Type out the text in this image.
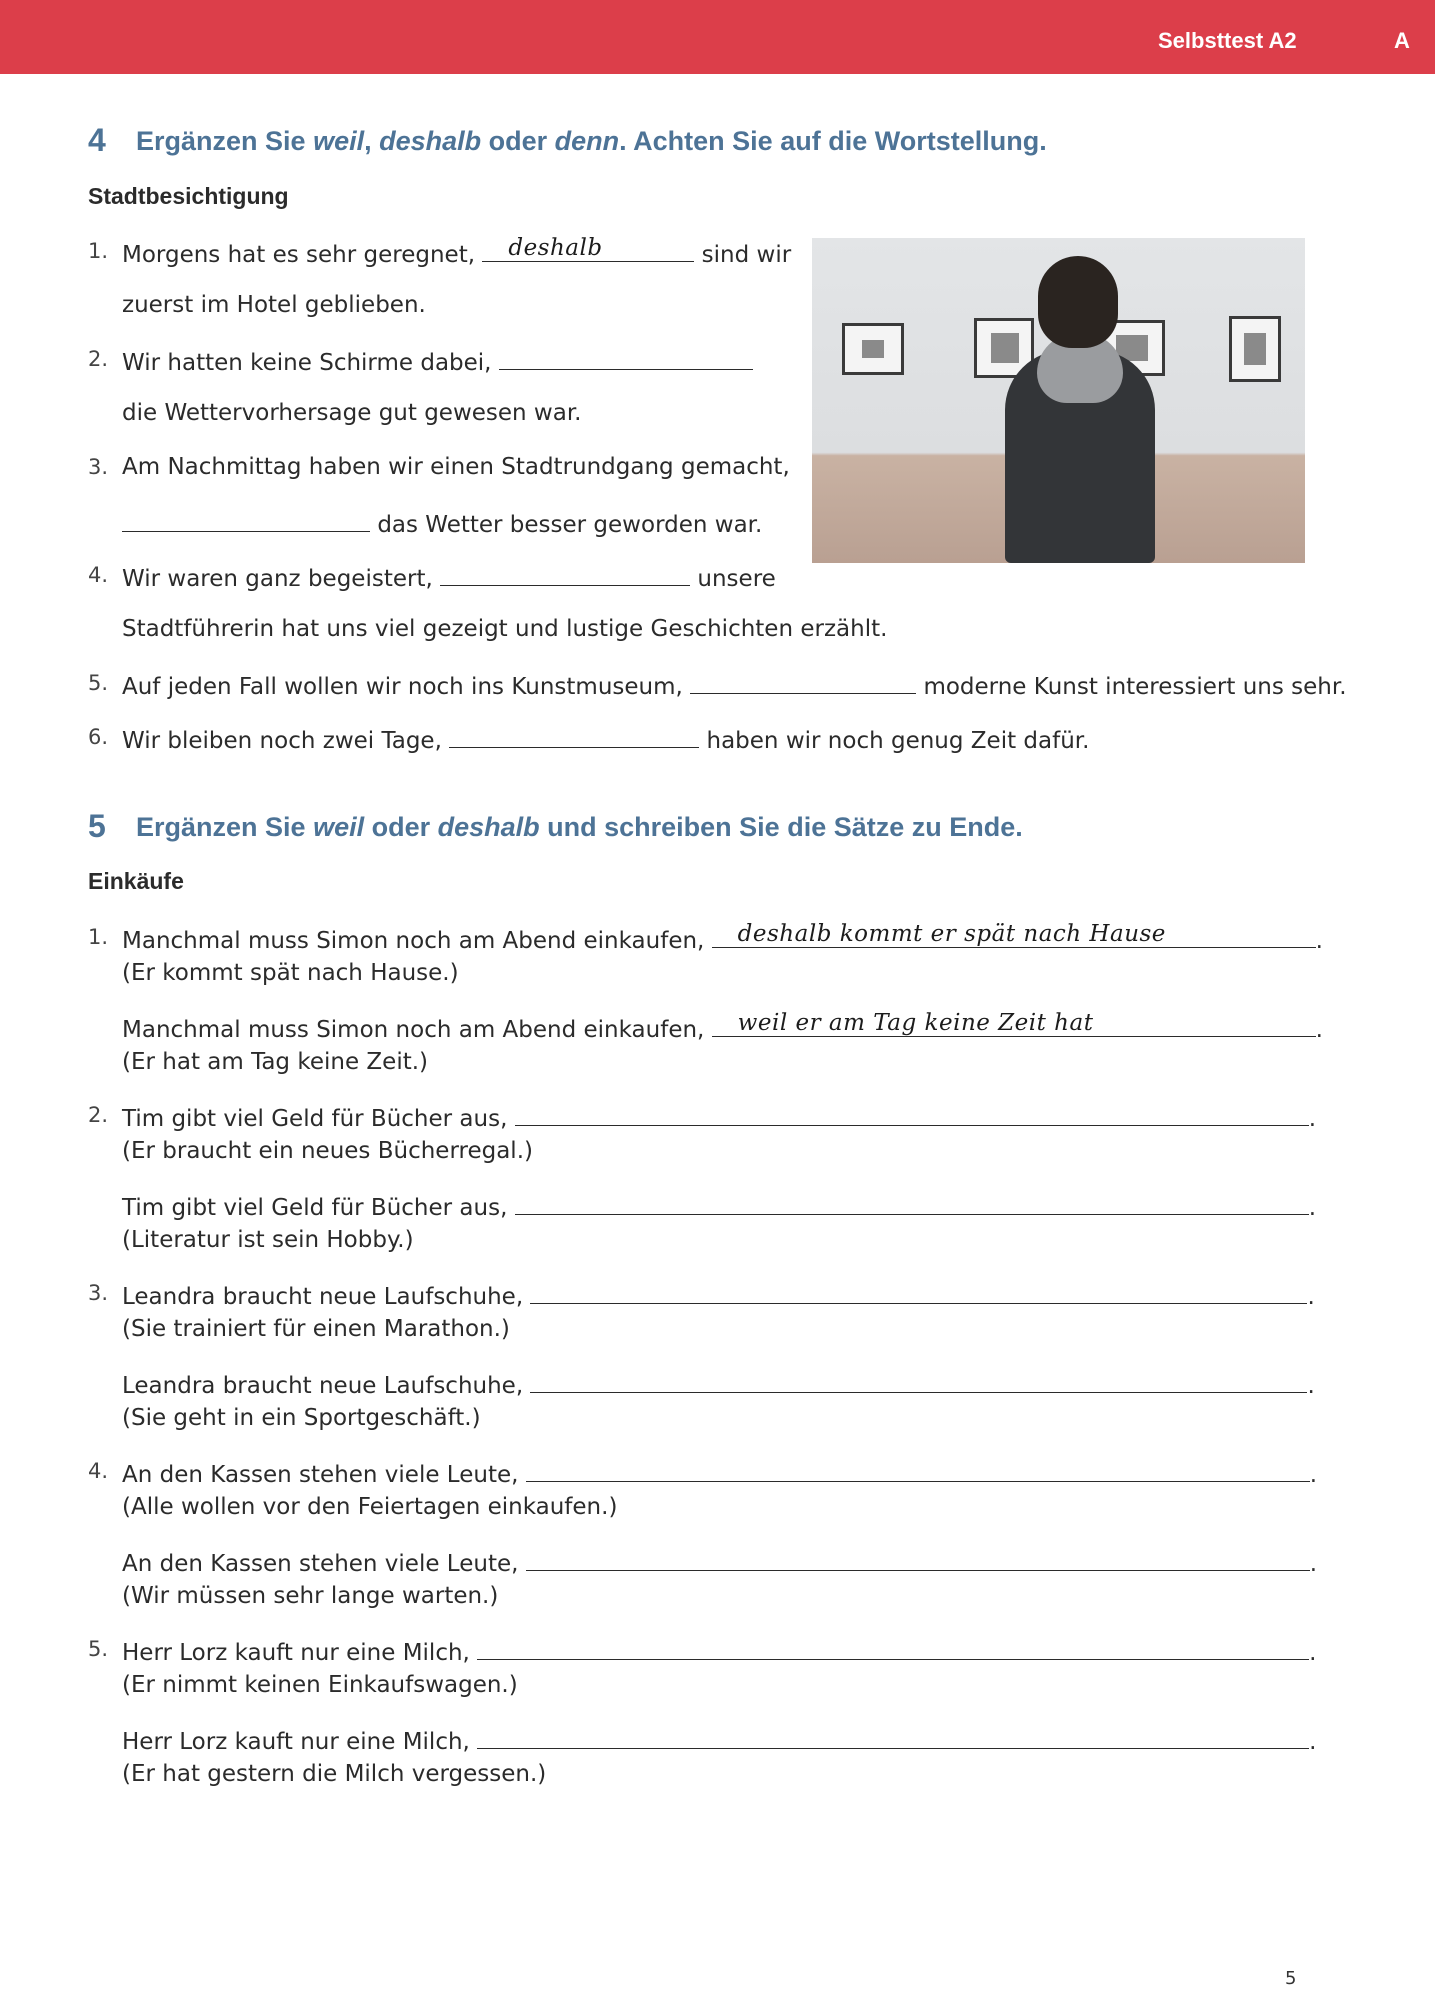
Selbsttest A2	A
4 Ergänzen Sie weil, deshalb oder denn. Achten Sie auf die Wortstellung.
Stadtbesichtigung
1. Morgens hat es sehr geregnet, deshalb	sind wir
zuerst im Hotel geblieben.
2. Wir hatten keine Schirme dabei,
die Wettervorhersage gut gewesen war.
3. Am Nachmittag haben wir einen Stadtrundgang gemacht,
das Wetter besser geworden war.
4. Wir waren ganz begeistert,	unsere
Stadtführerin hat uns viel gezeigt und lustige Geschichten erzählt.
5. Auf jeden Fall wollen wir noch ins Kunstmuseum,	moderne Kunst interessiert uns sehr.
6. Wir bleiben noch zwei Tage,	haben wir noch genug Zeit dafür.
5 Ergänzen Sie weil oder deshalb und schreiben Sie die Sätze zu Ende.
Einkäufe
1. Manchmal muss Simon noch am Abend einkaufen, deshalb kommt er spät nach Hause	.
(Er kommt spät nach Hause.)
Manchmal muss Simon noch am Abend einkaufen, weil er am Tag keine Zeit hat	.
(Er hat am Tag keine Zeit.)
2. Tim gibt viel Geld für Bücher aus,	.
(Er braucht ein neues Bücherregal.)
Tim gibt viel Geld für Bücher aus,	.
(Literatur ist sein Hobby.)
3. Leandra braucht neue Laufschuhe,	.
(Sie trainiert für einen Marathon.)
Leandra braucht neue Laufschuhe,	.
(Sie geht in ein Sportgeschäft.)
4. An den Kassen stehen viele Leute,	.
(Alle wollen vor den Feiertagen einkaufen.)
An den Kassen stehen viele Leute,	.
(Wir müssen sehr lange warten.)
5. Herr Lorz kauft nur eine Milch,	.
(Er nimmt keinen Einkaufswagen.)
Herr Lorz kauft nur eine Milch,	.
(Er hat gestern die Milch vergessen.)
5
